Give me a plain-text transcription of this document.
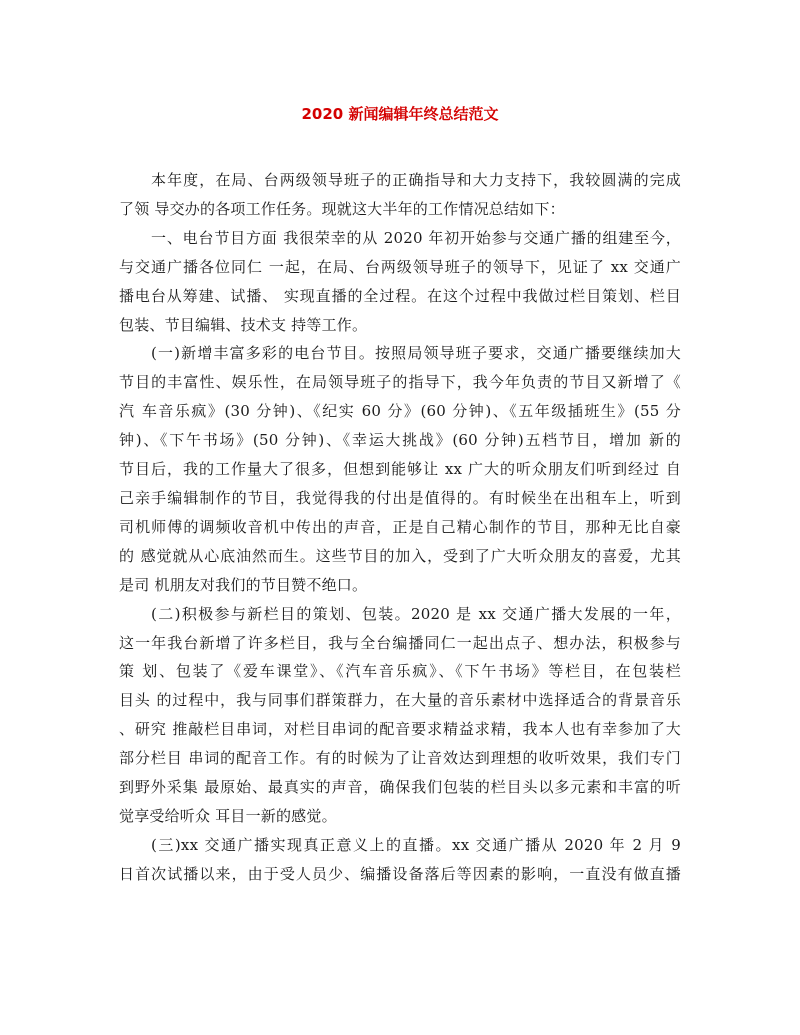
2020 新闻编辑年终总结范文
本年度，在局、台两级领导班子的正确指导和大力支持下，我较圆满的完成
了领 导交办的各项工作任务。现就这大半年的工作情况总结如下：
一、电台节目方面 我很荣幸的从 2020 年初开始参与交通广播的组建至今，
与交通广播各位同仁 一起，在局、台两级领导班子的领导下，见证了 xx 交通广
播电台从筹建、试播、 实现直播的全过程。在这个过程中我做过栏目策划、栏目
包装、节目编辑、技术支 持等工作。
(一)新增丰富多彩的电台节目。按照局领导班子要求，交通广播要继续加大
节目的丰富性、娱乐性，在局领导班子的指导下，我今年负责的节目又新增了《
汽 车音乐疯》(30 分钟)、《纪实 60 分》(60 分钟)、《五年级插班生》(55 分
钟)、《下午书场》(50 分钟)、《幸运大挑战》(60 分钟)五档节目，增加 新的
节目后，我的工作量大了很多，但想到能够让 xx 广大的听众朋友们听到经过 自
己亲手编辑制作的节目，我觉得我的付出是值得的。有时候坐在出租车上，听到
司机师傅的调频收音机中传出的声音，正是自己精心制作的节目，那种无比自豪
的 感觉就从心底油然而生。这些节目的加入，受到了广大听众朋友的喜爱，尤其
是司 机朋友对我们的节目赞不绝口。
(二)积极参与新栏目的策划、包装。2020 是 xx 交通广播大发展的一年，
这一年我台新增了许多栏目，我与全台编播同仁一起出点子、想办法，积极参与
策 划、包装了《爱车课堂》、《汽车音乐疯》、《下午书场》等栏目，在包装栏
目头 的过程中，我与同事们群策群力，在大量的音乐素材中选择适合的背景音乐
、研究 推敲栏目串词，对栏目串词的配音要求精益求精，我本人也有幸参加了大
部分栏目 串词的配音工作。有的时候为了让音效达到理想的收听效果，我们专门
到野外采集 最原始、最真实的声音，确保我们包装的栏目头以多元素和丰富的听
觉享受给听众 耳目一新的感觉。
(三)xx 交通广播实现真正意义上的直播。xx 交通广播从 2020 年 2 月 9
日首次试播以来，由于受人员少、编播设备落后等因素的影响，一直没有做直播
